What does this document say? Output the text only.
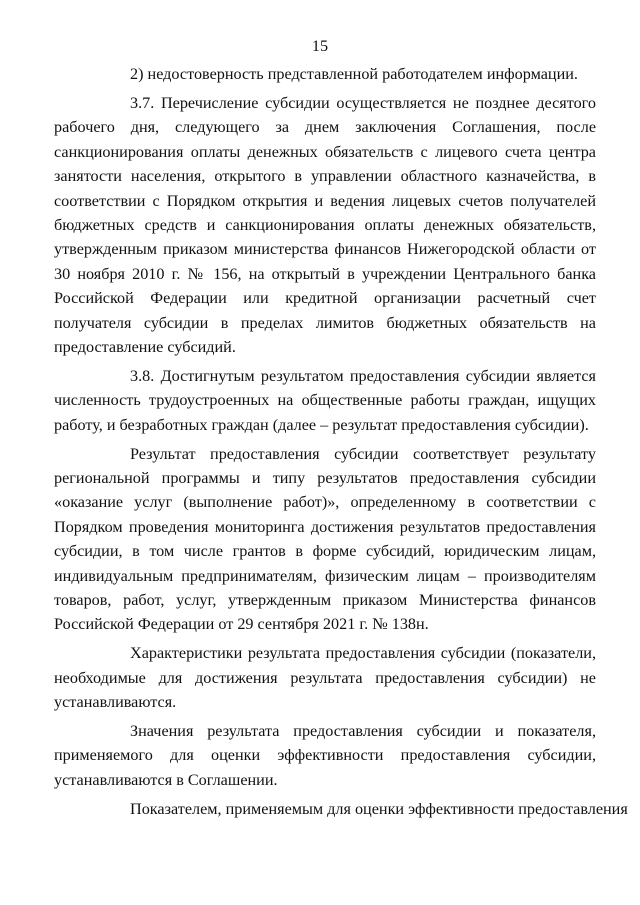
15
2) недостоверность представленной работодателем информации.
3.7. Перечисление субсидии осуществляется не позднее десятого
рабочего дня, следующего за днем заключения Соглашения, после
санкционирования оплаты денежных обязательств с лицевого счета центра
занятости населения, открытого в управлении областного казначейства, в
соответствии с Порядком открытия и ведения лицевых счетов получателей
бюджетных средств и санкционирования оплаты денежных обязательств,
утвержденным приказом министерства финансов Нижегородской области от
30 ноября 2010 г. № 156, на открытый в учреждении Центрального банка
Российской Федерации или кредитной организации расчетный счет
получателя субсидии в пределах лимитов бюджетных обязательств на
предоставление субсидий.
3.8. Достигнутым результатом предоставления субсидии является
численность трудоустроенных на общественные работы граждан, ищущих
работу, и безработных граждан (далее – результат предоставления субсидии).
Результат предоставления субсидии соответствует результату
региональной программы и типу результатов предоставления субсидии
«оказание услуг (выполнение работ)», определенному в соответствии с
Порядком проведения мониторинга достижения результатов предоставления
субсидии, в том числе грантов в форме субсидий, юридическим лицам,
индивидуальным предпринимателям, физическим лицам – производителям
товаров, работ, услуг, утвержденным приказом Министерства финансов
Российской Федерации от 29 сентября 2021 г. № 138н.
Характеристики результата предоставления субсидии (показатели,
необходимые для достижения результата предоставления субсидии) не
устанавливаются.
Значения результата предоставления субсидии и показателя,
применяемого для оценки эффективности предоставления субсидии,
устанавливаются в Соглашении.
Показателем, применяемым для оценки эффективности предоставления
